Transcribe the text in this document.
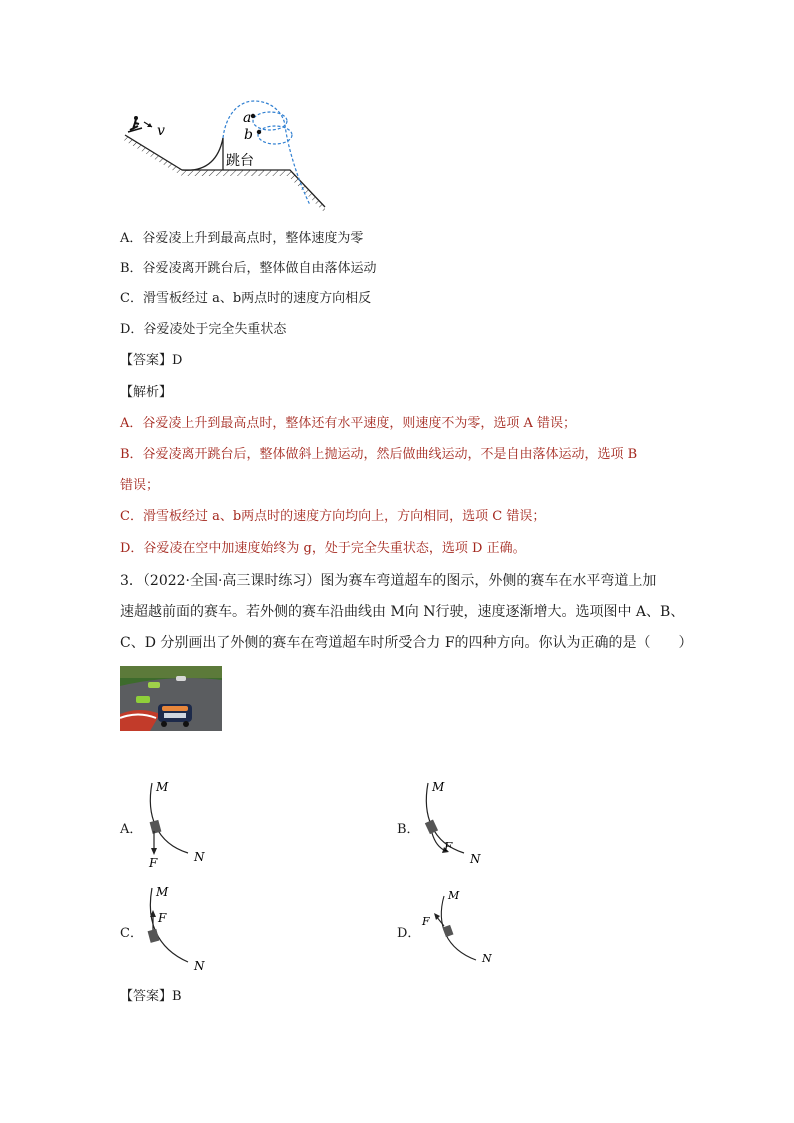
a
b
v
跳台
A．谷爱凌上升到最高点时，整体速度为零
B．谷爱凌离开跳台后，整体做自由落体运动
C．滑雪板经过 a、b两点时的速度方向相反
D．谷爱凌处于完全失重状态
【答案】D
【解析】
A．谷爱凌上升到最高点时，整体还有水平速度，则速度不为零，选项 A 错误；
B．谷爱凌离开跳台后，整体做斜上抛运动，然后做曲线运动，不是自由落体运动，选项 B
错误；
C．滑雪板经过 a、b两点时的速度方向均向上，方向相同，选项 C 错误；
D．谷爱凌在空中加速度始终为 g，处于完全失重状态，选项 D 正确。
3．（2022·全国·高三课时练习）图为赛车弯道超车的图示，外侧的赛车在水平弯道上加
速超越前面的赛车。若外侧的赛车沿曲线由 M向 N行驶，速度逐渐增大。选项图中 A、B、
C、D 分别画出了外侧的赛车在弯道超车时所受合力 F的四种方向。你认为正确的是（　　）
A．
M
N
F
B．
M
N
F
C．
M
N
F
D．
M
N
F
【答案】B
